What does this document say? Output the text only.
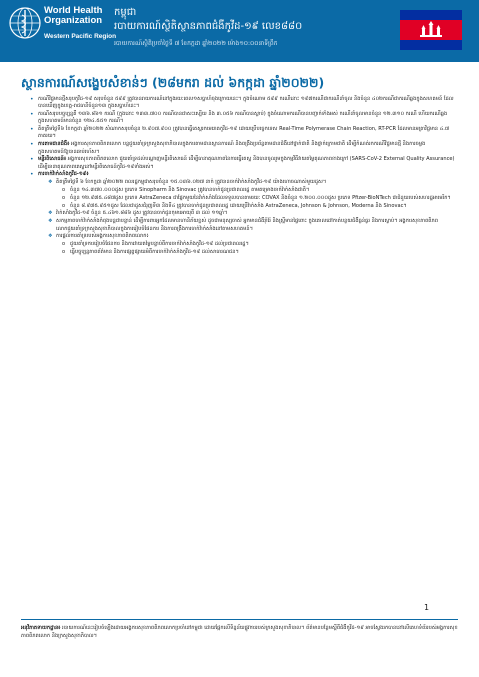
World Health
Organization
Western Pacific Region
កម្ពុជា
របាយការណ៍ស្ថិតិស្ថានភាពជំងឺកូវីដ-១៩ លេខ៨៨០
របាយការណ៍ស្ថិតិប្រចាំថ្ងៃទី ៧ ខែកក្កដា ឆ្នាំ២០២២ ម៉ោង១០:០០នាទីព្រឹក
ស្ថានការណ៍សង្ខេបសំខាន់ៗ (២៨មករា ដល់ ៦កក្កដា ឆ្នាំ២០២២)
• ករណីវិជ្ជមានថ្មីសរុបកូវីដ-១៩ សរុបចំនួន ៥៩៩ ត្រូវបានរាយការណ៍នៅក្នុងរយៈពេល១សប្តាហ៍ចុងក្រោយនេះ។ ក្នុងចំណោម ៥៩៩ ករណីនោះ ១៩៧ករណីជាករណីនាំចូល និងចំនួន ៤០២ករណីជាករណីឆ្លងក្នុងសហគមន៍ ដែលបានឃើញក្នុងខេត្ត-រាជធានីចំនួន១៣ ក្នុងសប្តាហ៍នេះ។
• ករណីសរុបបច្ចុប្បន្នគឺ ១៣៦.៨៦១ ករណី (ក្នុងនោះ ១៣៣.៧០០ ករណីបានជាសះស្បើយ និង ៣.០៥៦ ករណីបានស្លាប់) ក្នុងចំណោមករណីបានបញ្ជាក់ទាំងអស់ ករណីនាំចូលមានចំនួន ១២.៣១០ ករណី ហើយករណីឆ្លងក្នុងសហគមន៍មានចំនួន ១២៤.៥៥១ ករណី។
• គិតត្រឹមថ្ងៃទី៦ ខែកក្កដា ឆ្នាំ២០២២ សំណាកសរុបចំនួន ២.៩០៧.៩០០ ត្រូវបានធ្វើតេស្តរកមេរោគកូវីដ-១៩ ដោយប្រើបច្ចេកទេស Real-Time Polymerase Chain Reaction, RT-PCR ដែលមានអត្រាវិជ្ជមាន ៤.៧ ភាគរយ។
• ការតាមដានជំងឺ៖ អង្គការសុខភាពពិភពលោក បន្តជួយគាំទ្រក្រសួងសុខាភិបាលក្នុងការតាមដានស្ថានការណ៍ និងពង្រឹងប្រព័ន្ធតាមដានជំងឺនៅថ្នាក់ជាតិ និងថ្នាក់ក្រោមជាតិ ដើម្បីកំណត់រកករណីវិជ្ជមានថ្មី និងការចម្លងក្នុងសហគមន៍ឱ្យបានឆាប់រហ័ស។
• មន្ទីរពិសោធន៍៖ អង្គការសុខភាពពិភពលោក ជួយគាំទ្រដល់បណ្តាញមន្ទីរពិសោធន៍ ដើម្បីធានាគុណភាពនៃការធ្វើតេស្ត និងបានចូលរួមក្នុងកម្មវិធីវាយតម្លៃគុណភាពខាងក្រៅ (SARS-CoV-2 External Quality Assurance) ដើម្បីធានាគុណភាពតេស្តនៅមន្ទីរពិសោធន៍កូវីដ-១៩ទាំងអស់។
• ការចាក់វ៉ាក់សាំងកូវីដ-១៩៖
❖ គិតត្រឹមថ្ងៃទី ៦ ខែកក្កដា ឆ្នាំ២០២២ ពលរដ្ឋកម្ពុជាសរុបចំនួន ១៥.០៣៦.០២៧ នាក់ ត្រូវបានចាក់វ៉ាក់សាំងកូវីដ-១៩ យ៉ាងហោចណាស់មួយដូស។
o ចំនួន ១៤.៣៧០.០០០ដូស ប្រភេទ Sinopharm និង Sinovac ត្រូវបានចាក់ជូនប្រជាពលរដ្ឋ តាមគម្រោងចាក់វ៉ាក់សាំងជាតិ។
o ចំនួន ១២.៩៧៥.៤៨៧ដូស ប្រភេទ AstraZeneca ជាផ្នែកមួយនៃវ៉ាក់សាំងដែលទទួលបានតាមរយៈ COVAX និងចំនួន ១.២០០.០០០ដូស ប្រភេទ Pfizer-BioNTech ជាជំនួយរបស់សហរដ្ឋអាមេរិក។
o ចំនួន ៨.៩៧៥.៩៥១ដូស ដែលជាដូសជំរុញទី៣ និងទី៤ ត្រូវបានចាក់ជូនប្រជាពលរដ្ឋ ដោយប្រើវ៉ាក់សាំង AstraZeneca, Johnson & Johnson, Moderna និង Sinovac។
❖ វ៉ាក់សាំងកូវីដ-១៩ ចំនួន ៥.៤៦១.៨៨៦ ដូស ត្រូវបានចាក់ជូនកុមារអាយុពី ៣ ដល់ ១១ឆ្នាំ។
❖ សកម្មភាពចាក់វ៉ាក់សាំងកំពុងបន្តជាបន្ទាន់ ដើម្បីការពារអ្នកដែលមានហានិភ័យខ្ពស់ ដូចជាមនុស្សចាស់ អ្នកមានជំងឺរ៉ាំរ៉ៃ និងស្ត្រីមានផ្ទៃពោះ ក្នុងគោលដៅកាត់បន្ថយជំងឺធ្ងន់ធ្ងរ និងការស្លាប់។ អង្គការសុខភាពពិភពលោកជួយគាំទ្រក្រសួងសុខាភិបាលក្នុងការរៀបចំផែនការ និងការពង្រឹងការចាក់វ៉ាក់សាំងនៅតាមសហគមន៍។
❖ ការផ្តល់ការគាំទ្ររបស់អង្គការសុខភាពពិភពលោក៖
o ជួយគាំទ្រការរៀបចំផែនការ និងការវាយតម្លៃបន្ទាប់ពីការចាក់វ៉ាក់សាំងកូវីដ-១៩ ដល់ប្រជាពលរដ្ឋ។
o ធ្វើបច្ចុប្បន្នភាពព័ត៌មាន និងការផ្សព្វផ្សាយអំពីការចាក់វ៉ាក់សាំងកូវីដ-១៩ ដល់សាធារណជន។
1
អនុវិភាគទាយកដ្ឋាន៖ របាយការណ៍នេះរៀបចំឡើងដោយអង្គការសុខភាពពិភពលោកប្រចាំនៅកម្ពុជា ដោយផ្អែកលើទិន្នន័យផ្លូវការរបស់ក្រសួងសុខាភិបាល។ ព័ត៌មានបន្ថែមស្តីពីជំងឺកូវីដ-១៩ អាចស្វែងរកបាននៅលើគេហទំព័ររបស់អង្គការសុខភាពពិភពលោក និងក្រសួងសុខាភិបាល។
